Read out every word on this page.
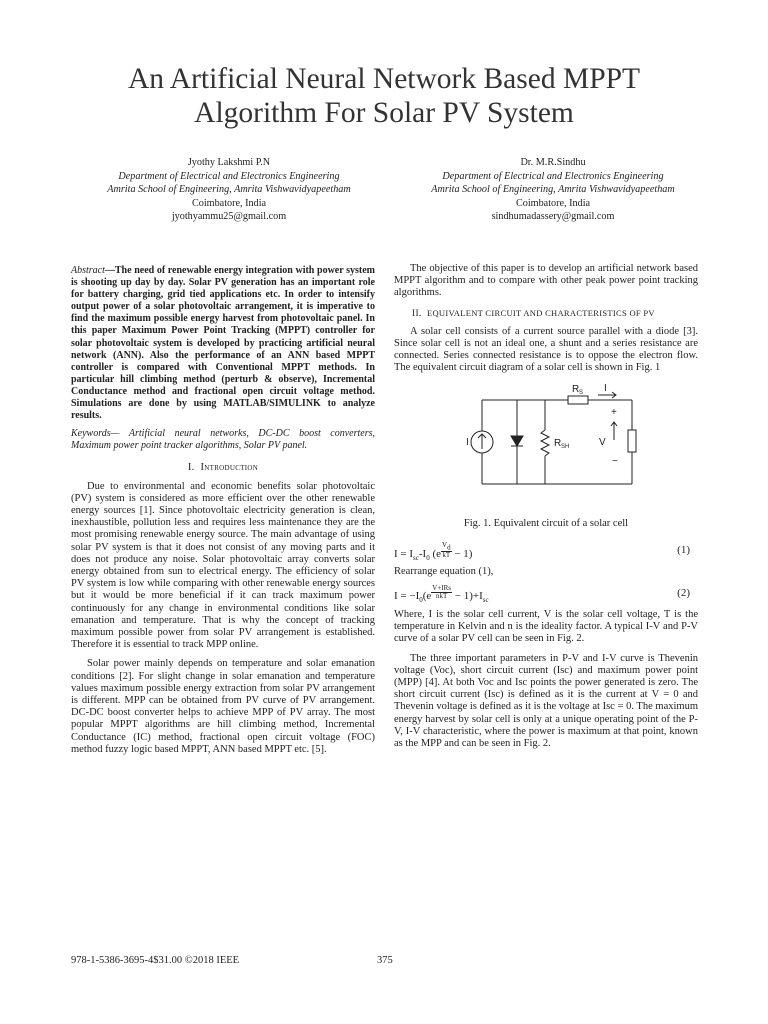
An Artificial Neural Network Based MPPT
Algorithm For Solar PV System
Jyothy Lakshmi P.N
Department of Electrical and Electronics Engineering
Amrita School of Engineering, Amrita Vishwavidyapeetham
Coimbatore, India
jyothyammu25@gmail.com
Dr. M.R.Sindhu
Department of Electrical and Electronics Engineering
Amrita School of Engineering, Amrita Vishwavidyapeetham
Coimbatore, India
sindhumadassery@gmail.com

Abstract—The need of renewable energy integration with power system is shooting up day by day. Solar PV generation has an important role for battery charging, grid tied applications etc. In order to intensify output power of a solar photovoltaic arrangement, it is imperative to find the maximum possible energy harvest from photovoltaic panel. In this paper Maximum Power Point Tracking (MPPT) controller for solar photovoltaic system is developed by practicing artificial neural network (ANN). Also the performance of an ANN based MPPT controller is compared with Conventional MPPT methods. In particular hill climbing method (perturb & observe), Incremental Conductance method and fractional open circuit voltage method. Simulations are done by using MATLAB/SIMULINK to analyze results.

Keywords— Artificial neural networks, DC-DC boost converters, Maximum power point tracker algorithms, Solar PV panel.

I. Introduction

Due to environmental and economic benefits solar photovoltaic (PV) system is considered as more efficient over the other renewable energy sources [1]. Since photovoltaic electricity generation is clean, inexhaustible, pollution less and requires less maintenance they are the most promising renewable energy source. The main advantage of using solar PV system is that it does not consist of any moving parts and it does not produce any noise. Solar photovoltaic array converts solar energy obtained from sun to electrical energy. The efficiency of solar PV system is low while comparing with other renewable energy sources but it would be more beneficial if it can track maximum power continuously for any change in environmental conditions like solar emanation and temperature. That is why the concept of tracking maximum possible power from solar PV arrangement is established. Therefore it is essential to track MPP online.

Solar power mainly depends on temperature and solar emanation conditions [2]. For slight change in solar emanation and temperature values maximum possible energy extraction from solar PV arrangement is different. MPP can be obtained from PV curve of PV arrangement. DC-DC boost converter helps to achieve MPP of PV array. The most popular MPPT algorithms are hill climbing method, Incremental Conductance (IC) method, fractional open circuit voltage (FOC) method fuzzy logic based MPPT, ANN based MPPT etc. [5].

The objective of this paper is to develop an artificial network based MPPT algorithm and to compare with other peak power point tracking algorithms.

II. EQUIVALENT CIRCUIT AND CHARACTERISTICS OF PV

A solar cell consists of a current source parallel with a diode [3]. Since solar cell is not an ideal one, a shunt and a series resistance are connected. Series connected resistance is to oppose the electron flow. The equivalent circuit diagram of a solar cell is shown in Fig. 1

I
R S
R SH
I
+
−
V

Fig. 1. Equivalent circuit of a solar cell

$I = I_{sc}-I_0$ (e $^{\frac{V_d}{kT}}$ − 1)	(1)

Rearrange equation (1),

$I = -I_0(e$ $^{\frac{\text{V+IRs}}{\text{nkT}}} - 1)+I_{sc}$
(2)

Where, I is the solar cell current, V is the solar cell voltage, T is the temperature in Kelvin and n is the ideality factor. A typical I-V and P-V curve of a solar PV cell can be seen in Fig. 2.

The three important parameters in P-V and I-V curve is Thevenin voltage (Voc), short circuit current (Isc) and maximum power point (MPP) [4]. At both Voc and Isc points the power generated is zero. The short circuit current (Isc) is defined as it is the current at V = 0 and Thevenin voltage is defined as it is the voltage at Isc = 0. The maximum energy harvest by solar cell is only at a unique operating point of the P-V, I-V characteristic, where the power is maximum at that point, known as the MPP and can be seen in Fig. 2.

978-1-5386-3695-4$31.00 ©2018 IEEE	375
